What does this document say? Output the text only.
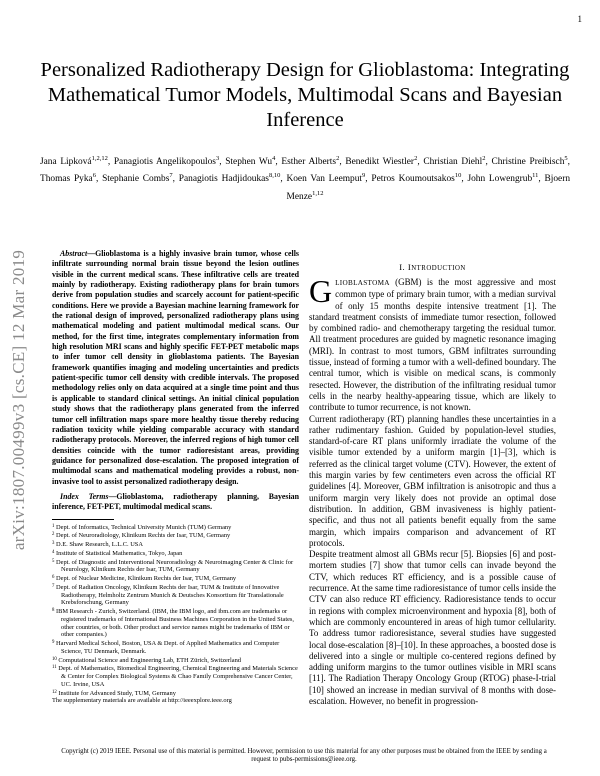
1
arXiv:1807.00499v3 [cs.CE] 12 Mar 2019
Personalized Radiotherapy Design for Glioblastoma: Integrating Mathematical Tumor Models, Multimodal Scans and Bayesian Inference
Jana Lipková$^{1,2,12}$, Panagiotis Angelikopoulos$^3$, Stephen Wu$^4$, Esther Alberts$^2$, Benedikt Wiestler$^2$, Christian Diehl$^2$, Christine Preibisch$^5$, Thomas Pyka$^6$, Stephanie Combs$^7$, Panagiotis Hadjidoukas$^{8,10}$, Koen Van Leemput$^9$, Petros Koumoutsakos$^{10}$, John Lowengrub$^{11}$, Bjoern Menze$^{1,12}$

Abstract—Glioblastoma is a highly invasive brain tumor, whose cells infiltrate surrounding normal brain tissue beyond the lesion outlines visible in the current medical scans. These infiltrative cells are treated mainly by radiotherapy. Existing radiotherapy plans for brain tumors derive from population studies and scarcely account for patient-specific conditions. Here we provide a Bayesian machine learning framework for the rational design of improved, personalized radiotherapy plans using mathematical modeling and patient multimodal medical scans. Our method, for the first time, integrates complementary information from high resolution MRI scans and highly specific FET-PET metabolic maps to infer tumor cell density in glioblastoma patients. The Bayesian framework quantifies imaging and modeling uncertainties and predicts patient-specific tumor cell density with credible intervals. The proposed methodology relies only on data acquired at a single time point and thus is applicable to standard clinical settings. An initial clinical population study shows that the radiotherapy plans generated from the inferred tumor cell infiltration maps spare more healthy tissue thereby reducing radiation toxicity while yielding comparable accuracy with standard radiotherapy protocols. Moreover, the inferred regions of high tumor cell densities coincide with the tumor radioresistant areas, providing guidance for personalized dose-escalation. The proposed integration of multimodal scans and mathematical modeling provides a robust, non-invasive tool to assist personalized radiotherapy design.

Index Terms—Glioblastoma, radiotherapy planning, Bayesian inference, FET-PET, multimodal medical scans.

$^1$ Dept. of Informatics, Technical University Munich (TUM) Germany

$^2$ Dept. of Neuroradiology, Klinikum Rechts der Isar, TUM, Germany

$^3$ D.E. Shaw Research, L.L.C. USA

$^4$ Institute of Statistical Mathematics, Tokyo, Japan

$^5$ Dept. of Diagnostic and Interventional Neuroradiology & Neuroimaging Center & Clinic for Neurology, Klinikum Rechts der Isar, TUM, Germany

$^6$ Dept. of Nuclear Medicine, Klinikum Rechts der Isar, TUM, Germany

$^7$ Dept. of Radiation Oncology, Klinikum Rechts der Isar, TUM & Institute of Innovative Radiotherapy, Helmholtz Zentrum Munich & Deutsches Konsortium für Translationale Krebsforschung, Germany

$^8$ IBM Research - Zurich, Switzerland. (IBM, the IBM logo, and ibm.com are trademarks or registered trademarks of International Business Machines Corporation in the United States, other countries, or both. Other product and service names might be trademarks of IBM or other companies.)

$^9$ Harvard Medical School, Boston, USA & Dept. of Applied Mathematics and Computer Science, TU Denmark, Denmark.

$^{10}$ Computational Science and Engineering Lab, ETH Zürich, Switzerland

$^{11}$ Dept. of Mathematics, Biomedical Engineering, Chemical Engineering and Materials Science & Center for Complex Biological Systems & Chao Family Comprehensive Cancer Center, UC. Irvine, USA

$^{12}$ Institute for Advanced Study, TUM, Germany

The supplementary materials are available at http://ieeexplore.ieee.org

I. INTRODUCTION

GLIOBLASTOMA (GBM) is the most aggressive and most common type of primary brain tumor, with a median survival of only 15 months despite intensive treatment [1]. The standard treatment consists of immediate tumor resection, followed by combined radio- and chemotherapy targeting the residual tumor. All treatment procedures are guided by magnetic resonance imaging (MRI). In contrast to most tumors, GBM infiltrates surrounding tissue, instead of forming a tumor with a well-defined boundary. The central tumor, which is visible on medical scans, is commonly resected. However, the distribution of the infiltrating residual tumor cells in the nearby healthy-appearing tissue, which are likely to contribute to tumor recurrence, is not known.

Current radiotherapy (RT) planning handles these uncertainties in a rather rudimentary fashion. Guided by population-level studies, standard-of-care RT plans uniformly irradiate the volume of the visible tumor extended by a uniform margin [1]–[3], which is referred as the clinical target volume (CTV). However, the extent of this margin varies by few centimeters even across the official RT guidelines [4]. Moreover, GBM infiltration is anisotropic and thus a uniform margin very likely does not provide an optimal dose distribution. In addition, GBM invasiveness is highly patient-specific, and thus not all patients benefit equally from the same margin, which impairs comparison and advancement of RT protocols.

Despite treatment almost all GBMs recur [5]. Biopsies [6] and post-mortem studies [7] show that tumor cells can invade beyond the CTV, which reduces RT efficiency, and is a possible cause of recurrence. At the same time radioresistance of tumor cells inside the CTV can also reduce RT efficiency. Radioresistance tends to occur in regions with complex microenvironment and hypoxia [8], both of which are commonly encountered in areas of high tumor cellularity. To address tumor radioresistance, several studies have suggested local dose-escalation [8]–[10]. In these approaches, a boosted dose is delivered into a single or multiple co-centered regions defined by adding uniform margins to the tumor outlines visible in MRI scans [11]. The Radiation Therapy Oncology Group (RTOG) phase-I-trial [10] showed an increase in median survival of 8 months with dose-escalation. However, no benefit in progression-

Copyright (c) 2019 IEEE. Personal use of this material is permitted. However, permission to use this material for any other purposes must be obtained from the IEEE by sending a request to pubs-permissions@ieee.org.
